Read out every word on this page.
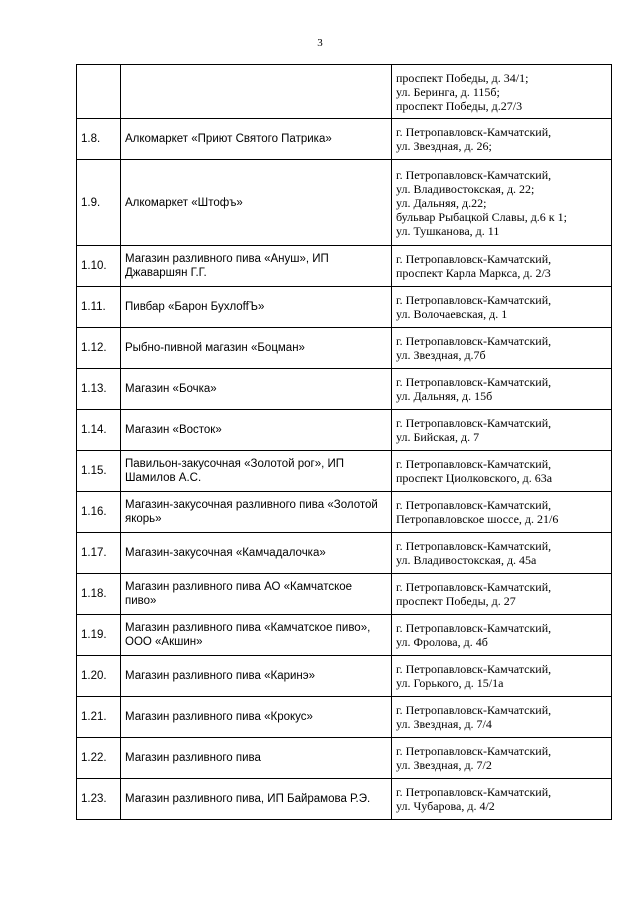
3

		проспект Победы, д. 34/1;
ул. Беринга, д. 115б;
проспект Победы, д.27/3

1.8.	Алкомаркет «Приют Святого Патрика»	г. Петропавловск-Камчатский,
ул. Звездная, д. 26;

1.9.	Алкомаркет «Штофъ»	г. Петропавловск-Камчатский,
ул. Владивостокская, д. 22;
ул. Дальняя, д.22;
бульвар Рыбацкой Славы, д.6 к 1;
ул. Тушканова, д. 11

1.10.	Магазин разливного пива «Ануш», ИП
Джаваршян Г.Г.	г. Петропавловск-Камчатский,
проспект Карла Маркса, д. 2/3

1.11.	Пивбар «Барон БухлоffЪ»	г. Петропавловск-Камчатский,
ул. Волочаевская, д. 1

1.12.	Рыбно-пивной магазин «Боцман»	г. Петропавловск-Камчатский,
ул. Звездная, д.7б

1.13.	Магазин «Бочка»	г. Петропавловск-Камчатский,
ул. Дальняя, д. 15б

1.14.	Магазин «Восток»	г. Петропавловск-Камчатский,
ул. Бийская, д. 7

1.15.	Павильон-закусочная «Золотой рог», ИП
Шамилов А.С.	г. Петропавловск-Камчатский,
проспект Циолковского, д. 63а

1.16.	Магазин-закусочная разливного пива «Золотой
якорь»	г. Петропавловск-Камчатский,
Петропавловское шоссе, д. 21/6

1.17.	Магазин-закусочная «Камчадалочка»	г. Петропавловск-Камчатский,
ул. Владивостокская, д. 45а

1.18.	Магазин разливного пива АО «Камчатское
пиво»	г. Петропавловск-Камчатский,
проспект Победы, д. 27

1.19.	Магазин разливного пива «Камчатское пиво»,
ООО «Акшин»	г. Петропавловск-Камчатский,
ул. Фролова, д. 4б

1.20.	Магазин разливного пива «Каринэ»	г. Петропавловск-Камчатский,
ул. Горького, д. 15/1а

1.21.	Магазин разливного пива «Крокус»	г. Петропавловск-Камчатский,
ул. Звездная, д. 7/4

1.22.	Магазин разливного пива	г. Петропавловск-Камчатский,
ул. Звездная, д. 7/2

1.23.	Магазин разливного пива, ИП Байрамова Р.Э.	г. Петропавловск-Камчатский,
ул. Чубарова, д. 4/2
